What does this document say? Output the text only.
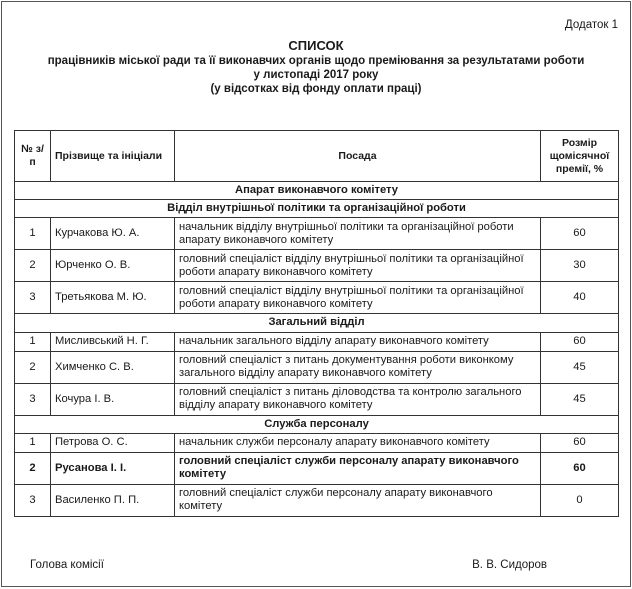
Додаток 1
СПИСОК
працівників міської ради та її виконавчих органів щодо преміювання за результатами роботи
у листопаді 2017 року
(у відсотках від фонду оплати праці)
№ з/п	Прізвище та ініціали	Посада	Розмір щомісячної премії, %
Апарат виконавчого комітету			
Відділ внутрішньої політики та організаційної роботи			
1	Курчакова Ю. А.	начальник відділу внутрішньої політики та організаційної роботи апарату виконавчого комітету	60
2	Юрченко О. В.	головний спеціаліст відділу внутрішньої політики та організаційної роботи апарату виконавчого комітету	30
3	Третьякова М. Ю.	головний спеціаліст відділу внутрішньої політики та організаційної роботи апарату виконавчого комітету	40
Загальний відділ			
1	Мисливський Н. Г.	начальник загального відділу апарату виконавчого комітету	60
2	Химченко С. В.	головний спеціаліст з питань документування роботи виконкому загального відділу апарату виконавчого комітету	45
3	Кочура І. В.	головний спеціаліст з питань діловодства та контролю загального відділу апарату виконавчого комітету	45
Служба персоналу			
1	Петрова О. С.	начальник служби персоналу апарату виконавчого комітету	60
2	Русанова І. І.	головний спеціаліст служби персоналу апарату виконавчого комітету	60
3	Василенко П. П.	головний спеціаліст служби персоналу апарату виконавчого комітету	0
Голова комісії	В. В. Сидоров
